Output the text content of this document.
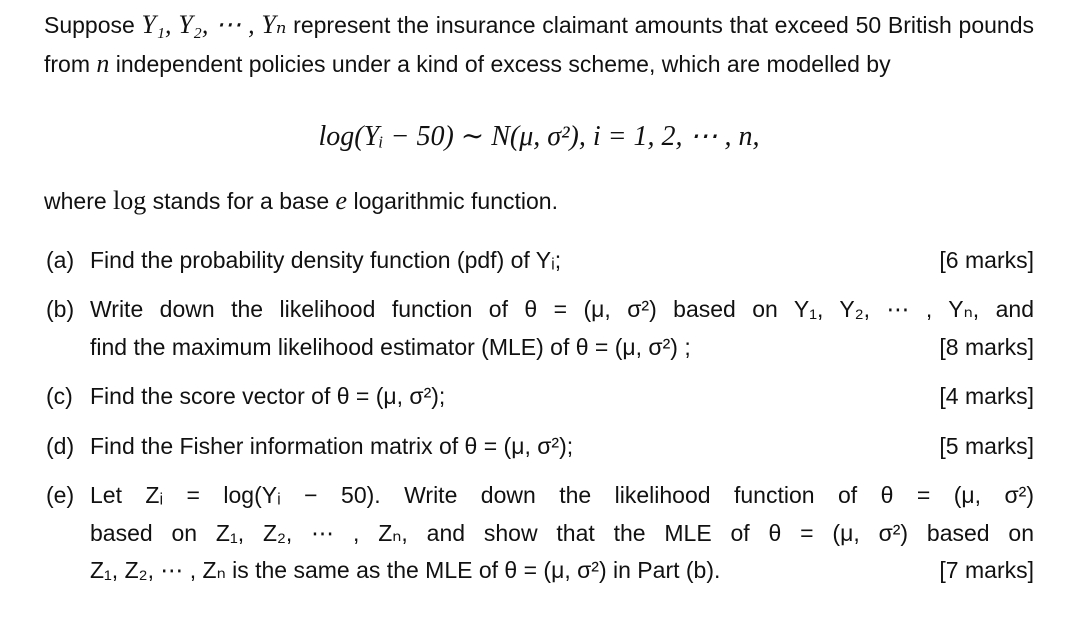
Suppose Y₁, Y₂, ⋯ , Yₙ represent the insurance claimant amounts that exceed 50 British pounds from n independent policies under a kind of excess scheme, which are modelled by

log(Yᵢ − 50) ∼ N(μ, σ²), i = 1, 2, ⋯ , n,

where log stands for a base e logarithmic function.

(a)	[6 marks]
Find the probability density function (pdf) of Yᵢ;
(b) Write down the likelihood function of θ = (μ, σ²) based on Y₁, Y₂, ⋯ , Yₙ, and
[8 marks]
find the maximum likelihood estimator (MLE) of θ = (μ, σ²) ;
(c)	[4 marks]
Find the score vector of θ = (μ, σ²);
(d)	[5 marks]
Find the Fisher information matrix of θ = (μ, σ²);
(e) Let Zᵢ = log(Yᵢ − 50). Write down the likelihood function of θ = (μ, σ²)
based on Z₁, Z₂, ⋯ , Zₙ, and show that the MLE of θ = (μ, σ²) based on
[7 marks]
Z₁, Z₂, ⋯ , Zₙ is the same as the MLE of θ = (μ, σ²) in Part (b).
